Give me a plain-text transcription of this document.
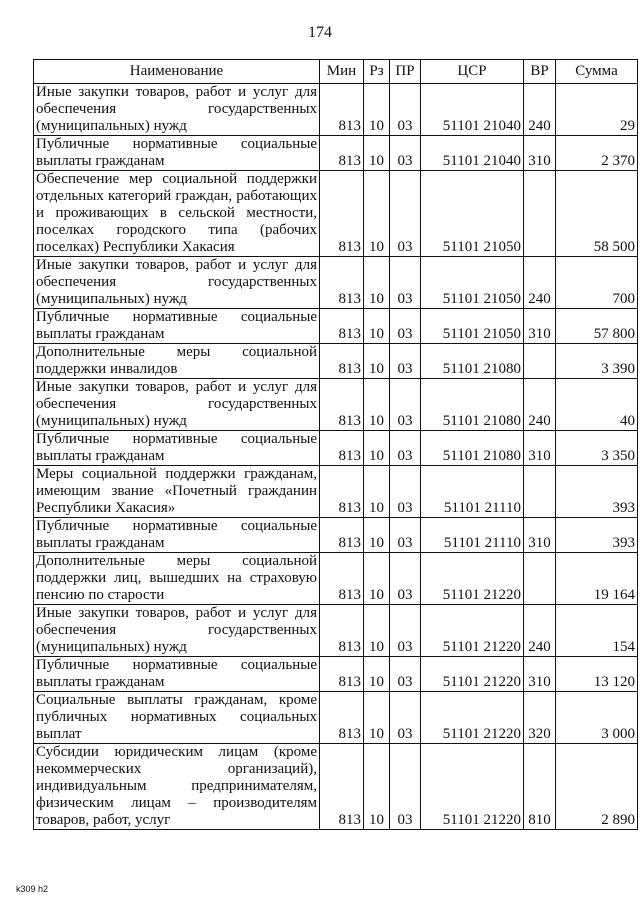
174
Наименование	Мин	Рз	ПР	ЦСР	ВР	Сумма
Иные закупки товаров, работ и услуг для обеспечения государственных (муниципальных) нужд	813	10	03	51101 21040	240	29
Публичные нормативные социальные выплаты гражданам	813	10	03	51101 21040	310	2 370
Обеспечение мер социальной поддержки отдельных категорий граждан, работающих и проживающих в сельской местности, поселках городского типа (рабочих поселках) Республики Хакасия	813	10	03	51101 21050		58 500
Иные закупки товаров, работ и услуг для обеспечения государственных (муниципальных) нужд	813	10	03	51101 21050	240	700
Публичные нормативные социальные выплаты гражданам	813	10	03	51101 21050	310	57 800
Дополнительные меры социальной поддержки инвалидов	813	10	03	51101 21080		3 390
Иные закупки товаров, работ и услуг для обеспечения государственных (муниципальных) нужд	813	10	03	51101 21080	240	40
Публичные нормативные социальные выплаты гражданам	813	10	03	51101 21080	310	3 350
Меры социальной поддержки гражданам, имеющим звание «Почетный гражданин Республики Хакасия»	813	10	03	51101 21110		393
Публичные нормативные социальные выплаты гражданам	813	10	03	51101 21110	310	393
Дополнительные меры социальной поддержки лиц, вышедших на страховую пенсию по старости	813	10	03	51101 21220		19 164
Иные закупки товаров, работ и услуг для обеспечения государственных (муниципальных) нужд	813	10	03	51101 21220	240	154
Публичные нормативные социальные выплаты гражданам	813	10	03	51101 21220	310	13 120
Социальные выплаты гражданам, кроме публичных нормативных социальных выплат	813	10	03	51101 21220	320	3 000
Субсидии юридическим лицам (кроме некоммерческих организаций), индивидуальным предпринимателям, физическим лицам – производителям товаров, работ, услуг	813	10	03	51101 21220	810	2 890
k309 h2
